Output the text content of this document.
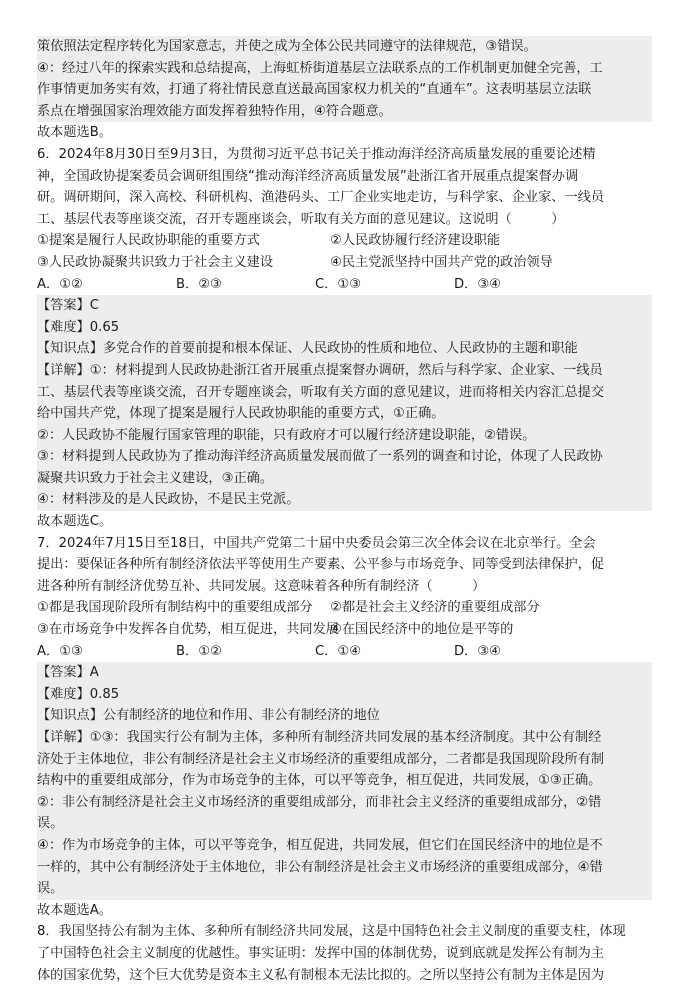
策依照法定程序转化为国家意志，并使之成为全体公民共同遵守的法律规范，③错误。
④：经过八年的探索实践和总结提高，上海虹桥街道基层立法联系点的工作机制更加健全完善，工
作事情更加务实有效，打通了将社情民意直送最高国家权力机关的“直通车”。这表明基层立法联
系点在增强国家治理效能方面发挥着独特作用，④符合题意。
故本题选B。
6．2024年8月30日至9月3日，为贯彻习近平总书记关于推动海洋经济高质量发展的重要论述精
神，全国政协提案委员会调研组围绕“推动海洋经济高质量发展”赴浙江省开展重点提案督办调
研。调研期间，深入高校、科研机构、渔港码头、工厂企业实地走访，与科学家、企业家、一线员
工、基层代表等座谈交流，召开专题座谈会，听取有关方面的意见建议。这说明（　　　）
①提案是履行人民政协职能的重要方式	②人民政协履行经济建设职能
③人民政协凝聚共识致力于社会主义建设	④民主党派坚持中国共产党的政治领导
A．①②	B．②③	C．①③	D．③④
【答案】C
【难度】0.65
【知识点】多党合作的首要前提和根本保证、人民政协的性质和地位、人民政协的主题和职能
【详解】①：材料提到人民政协赴浙江省开展重点提案督办调研，然后与科学家、企业家、一线员
工、基层代表等座谈交流，召开专题座谈会，听取有关方面的意见建议，进而将相关内容汇总提交
给中国共产党，体现了提案是履行人民政协职能的重要方式，①正确。
②：人民政协不能履行国家管理的职能，只有政府才可以履行经济建设职能，②错误。
③：材料提到人民政协为了推动海洋经济高质量发展而做了一系列的调查和讨论，体现了人民政协
凝聚共识致力于社会主义建设，③正确。
④：材料涉及的是人民政协，不是民主党派。
故本题选C。
7．2024年7月15日至18日，中国共产党第二十届中央委员会第三次全体会议在北京举行。全会
提出：要保证各种所有制经济依法平等使用生产要素、公平参与市场竞争、同等受到法律保护，促
进各种所有制经济优势互补、共同发展。这意味着各种所有制经济（　　　）
①都是我国现阶段所有制结构中的重要组成部分	②都是社会主义经济的重要组成部分
③在市场竞争中发挥各自优势，相互促进，共同发展
④在国民经济中的地位是平等的
A．①③	B．①②	C．①④	D．③④
【答案】A
【难度】0.85
【知识点】公有制经济的地位和作用、非公有制经济的地位
【详解】①③：我国实行公有制为主体，多种所有制经济共同发展的基本经济制度。其中公有制经
济处于主体地位，非公有制经济是社会主义市场经济的重要组成部分，二者都是我国现阶段所有制
结构中的重要组成部分，作为市场竞争的主体，可以平等竞争，相互促进，共同发展，①③正确。
②：非公有制经济是社会主义市场经济的重要组成部分，而非社会主义经济的重要组成部分，②错
误。
④：作为市场竞争的主体，可以平等竞争，相互促进，共同发展，但它们在国民经济中的地位是不
一样的，其中公有制经济处于主体地位，非公有制经济是社会主义市场经济的重要组成部分，④错
误。
故本题选A。
8．我国坚持公有制为主体、多种所有制经济共同发展，这是中国特色社会主义制度的重要支柱，体现
了中国特色社会主义制度的优越性。事实证明：发挥中国的体制优势，说到底就是发挥公有制为主
体的国家优势，这个巨大优势是资本主义私有制根本无法比拟的。之所以坚持公有制为主体是因为
